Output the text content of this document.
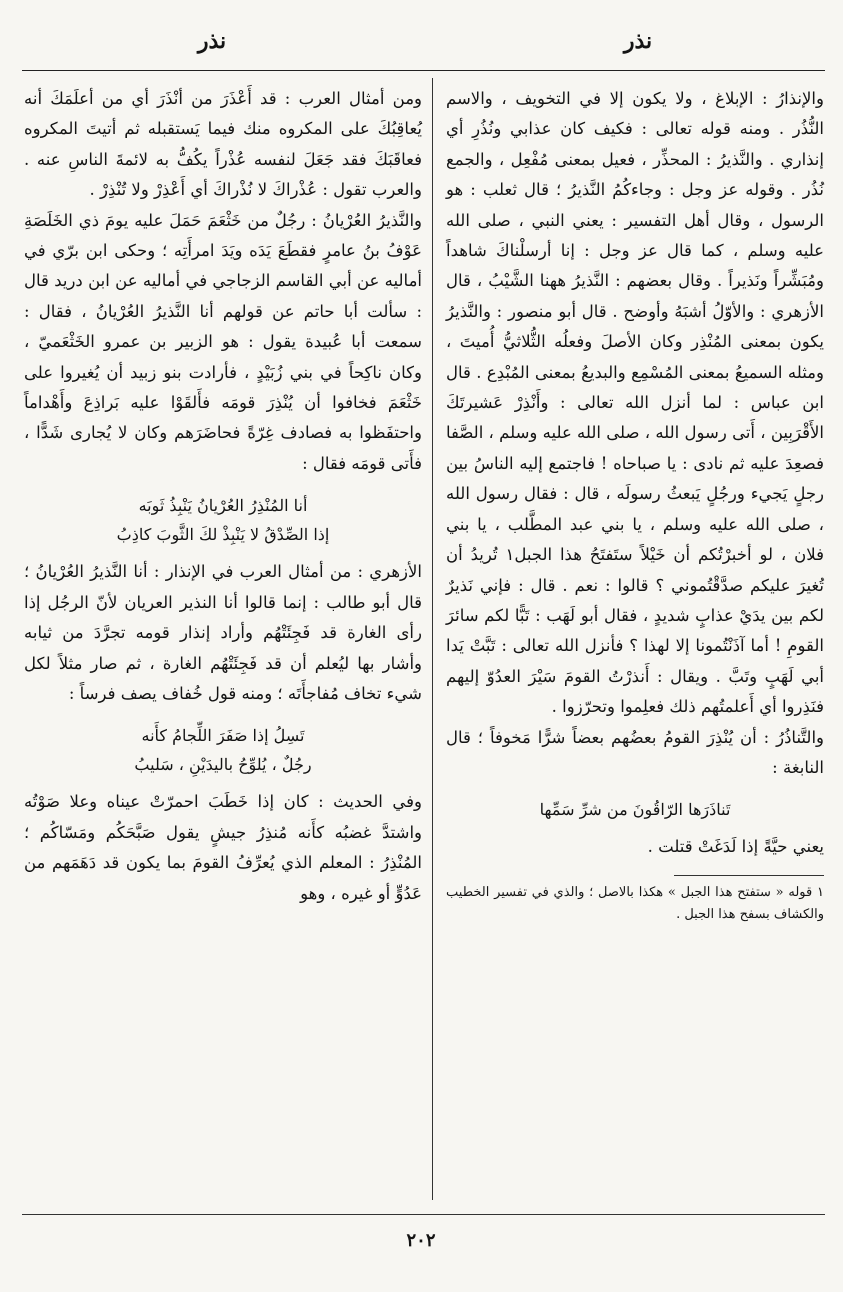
نذر
نذر

والإنذارُ : الإبلاغ ، ولا يكون إلا في التخويف ، والاسم النُّذُر . ومنه قوله تعالى : فكيف كان عذابي ونُذُرِ أي إنذاري . والنَّذيرُ : المحذِّر ، فعيل بمعنى مُفْعِل ، والجمع نُذُر . وقوله عز وجل : وجاءكُمُ النَّذيرُ ؛ قال ثعلب : هو الرسول ، وقال أهل التفسير : يعني النبي ، صلى الله عليه وسلم ، كما قال عز وجل : إنا أرسلْناكَ شاهداً ومُبَشِّراً ونَذيراً . وقال بعضهم : النَّذيرُ ههنا الشَّيْبُ ، قال الأزهري : والأوّلُ أشبَهُ وأوضح . قال أبو منصور : والنَّذيرُ يكون بمعنى المُنْذِر وكان الأصلَ وفعلُه الثُّلاثيُّ أُميتَ ، ومثله السميعُ بمعنى المُسْمِع والبديعُ بمعنى المُبْدِع . قال ابن عباس : لما أنزل الله تعالى : وأَنْذِرْ عَشيرتَكَ الأَقْرَبِين ، أَتى رسول الله ، صلى الله عليه وسلم ، الصَّفا فصعِدَ عليه ثم نادى : يا صباحاه ! فاجتمع إليه الناسُ بين رجلٍ يَجيء ورجُلٍ يَبعثُ رسولَه ، قال : فقال رسول الله ، صلى الله عليه وسلم ، يا بني عبد المطَّلب ، يا بني فلان ، لو أخبرْتُكم أن خَيْلاً ستَفتَحُ هذا الجبل١ تُريدُ أن تُغيرَ عليكم صدَّقْتُموني ؟ قالوا : نعم . قال : فإني نَذيرٌ لكم بين يدَيْ عذابٍ شديدٍ ، فقال أبو لَهَب : تَبًّا لكم سائرَ القومِ ! أما آذَنْتُمونا إلا لهذا ؟ فأنزل الله تعالى : تَبَّتْ يَدا أبي لَهَبٍ وتَبَّ . ويقال : أَنذرْتُ القومَ سَيْرَ العدُوّ إليهم فنَذِروا أي أَعلمتُهم ذلك فعلِموا وتحرّزوا .

والتَّناذُرُ : أن يُنْذِرَ القومُ بعضُهم بعضاً شرًّا مَخوفاً ؛ قال النابغة :

تَناذَرَها الرّاقُونَ من شرِّ سَمِّها

يعني حيَّةً إذا لَدَغَتْ قتلت .

١ قوله « ستفتح هذا الجبل » هكذا بالاصل ؛ والذي في تفسير الخطيب والكشاف بسفح هذا الجبل .

ومن أمثال العرب : قد أَعْذَرَ من أنْذَرَ أي من أعلَمَكَ أنه يُعاقِبُكَ على المكروه منك فيما يَستقبله ثم أتيتَ المكروه فعاقَبَكَ فقد جَعَلَ لنفسه عُذْراً يكُفُّ به لائمةَ الناسِ عنه . والعرب تقول : عُذْراكَ لا نُذْراكَ أي أَعْذِرْ ولا تُنْذِرْ .

والنَّذيرُ العُرْيانُ : رجُلٌ من خَثْعَمَ حَمَلَ عليه يومَ ذي الخَلَصَةِ عَوْفُ بنُ عامرٍ فقطَعَ يَدَه ويَدَ امرأَتِه ؛ وحكى ابن برّي في أماليه عن أبي القاسم الزجاجي في أماليه عن ابن دريد قال : سألت أبا حاتم عن قولهم أنا النَّذيرُ العُرْيانُ ، فقال : سمعت أبا عُبيدة يقول : هو الزبير بن عمرو الخَثْعَميّ ، وكان ناكِحاً في بني زُبَيْدٍ ، فأرادت بنو زبيد أن يُغيروا على خَثْعَمَ فخافوا أن يُنْذِرَ قومَه فأَلقَوْا عليه بَراذِعَ وأَهْداماً واحتفَظوا به فصادف غِرّةً فحاضَرَهم وكان لا يُجارى شَدًّا ، فأَتى قومَه فقال :

أنا المُنْذِرُ العُرْيانُ يَنْبِذُ ثَوبَه
إذا الصِّدْقُ لا يَنْبِذْ لكَ الثَّوبَ كاذِبُ

الأزهري : من أمثال العرب في الإنذار : أنا النَّذيرُ العُرْيانُ ؛ قال أبو طالب : إنما قالوا أنا النذير العريان لأنّ الرجُل إذا رأى الغارة قد فَجِئَتْهُم وأراد إنذار قومه تجرَّدَ من ثيابه وأشار بها ليُعلم أن قد فَجِئَتْهُم الغارة ، ثم صار مثلاً لكل شيء تخاف مُفاجأَتَه ؛ ومنه قول خُفاف يصف فرساً :

تَسِلُ إذا صَفَرَ اللِّجامُ كأَنه
رجُلٌ ، يُلوِّحُ باليدَيْنِ ، سَليبُ

وفي الحديث : كان إذا خَطَبَ احمرّتْ عيناه وعلا صَوْتُه واشتدَّ غضبُه كأَنه مُنذِرُ جيشٍ يقول صَبَّحَكُم ومَسّاكُم ؛ المُنْذِرُ : المعلم الذي يُعرِّفُ القومَ بما يكون قد دَهَمَهم من عَدُوٍّ أو غيره ، وهو

٢٠٢
